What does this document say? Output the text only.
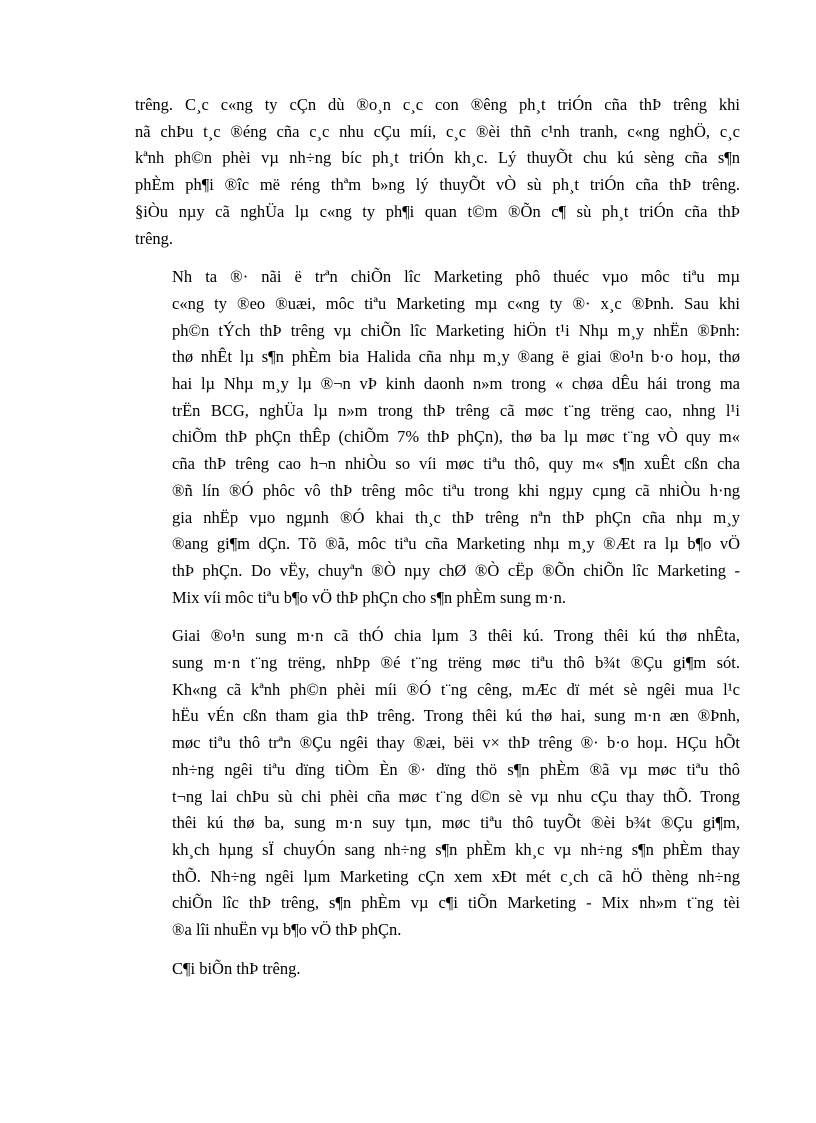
trêng. C¸c c«ng ty cÇn dù ®o¸n c¸c con ®êng ph¸t triÓn cña thÞ trêng khi
nã chÞu t¸c ®éng cña c¸c nhu cÇu míi, c¸c ®èi thñ c¹nh tranh, c«ng nghÖ, c¸c
kªnh ph©n phèi vµ nh÷ng bíc ph¸t triÓn kh¸c. Lý thuyÕt chu kú sèng cña s¶n
phÈm ph¶i ®îc më réng thªm b»ng lý thuyÕt vÒ sù ph¸t triÓn cña thÞ trêng.
§iÒu nµy cã nghÜa lµ c«ng ty ph¶i quan t©m ®Õn c¶ sù ph¸t triÓn cña thÞ
trêng.
Nh ta ®· nãi ë trªn chiÕn lîc Marketing phô thuéc vµo môc tiªu mµ
c«ng ty ®eo ®uæi, môc tiªu Marketing mµ c«ng ty ®· x¸c ®Þnh. Sau khi
ph©n tÝch thÞ trêng vµ chiÕn lîc Marketing hiÖn t¹i Nhµ m¸y nhËn ®Þnh:
thø nhÊt lµ s¶n phÈm bia Halida cña nhµ m¸y ®ang ë giai ®o¹n b·o hoµ, thø
hai lµ Nhµ m¸y lµ ®¬n vÞ kinh daonh n»m trong « chøa dÊu hái trong ma
trËn BCG, nghÜa lµ n»m trong thÞ trêng cã møc t¨ng trëng cao, nhng l¹i
chiÕm thÞ phÇn thÊp (chiÕm 7% thÞ phÇn), thø ba lµ møc t¨ng vÒ quy m«
cña thÞ trêng cao h¬n nhiÒu so víi møc tiªu thô, quy m« s¶n xuÊt cßn cha
®ñ lín ®Ó phôc vô thÞ trêng môc tiªu trong khi ngµy cµng cã nhiÒu h·ng
gia nhËp vµo ngµnh ®Ó khai th¸c thÞ trêng nªn thÞ phÇn cña nhµ m¸y
®ang gi¶m dÇn. Tõ ®ã, môc tiªu cña Marketing nhµ m¸y ®Æt ra lµ b¶o vÖ
thÞ phÇn. Do vËy, chuyªn ®Ò nµy chØ ®Ò cËp ®Õn chiÕn lîc Marketing -
Mix víi môc tiªu b¶o vÖ thÞ phÇn cho s¶n phÈm sung m·n.
Giai ®o¹n sung m·n cã thÓ chia lµm 3 thêi kú. Trong thêi kú thø nhÊta,
sung m·n t¨ng trëng, nhÞp ®é t¨ng trëng møc tiªu thô b¾t ®Çu gi¶m sót.
Kh«ng cã kªnh ph©n phèi míi ®Ó t¨ng cêng, mÆc dï mét sè ngêi mua l¹c
hËu vÉn cßn tham gia thÞ trêng. Trong thêi kú thø hai, sung m·n æn ®Þnh,
møc tiªu thô trªn ®Çu ngêi thay ®æi, bëi v× thÞ trêng ®· b·o hoµ. HÇu hÕt
nh÷ng ngêi tiªu dïng tiÒm Èn ®· dïng thö s¶n phÈm ®ã vµ møc tiªu thô
t¬ng lai chÞu sù chi phèi cña møc t¨ng d©n sè vµ nhu cÇu thay thÕ. Trong
thêi kú thø ba, sung m·n suy tµn, møc tiªu thô tuyÕt ®èi b¾t ®Çu gi¶m,
kh¸ch hµng sÏ chuyÓn sang nh÷ng s¶n phÈm kh¸c vµ nh÷ng s¶n phÈm thay
thÕ. Nh÷ng ngêi lµm Marketing cÇn xem xÐt mét c¸ch cã hÖ thèng nh÷ng
chiÕn lîc thÞ trêng, s¶n phÈm vµ c¶i tiÕn Marketing - Mix nh»m t¨ng tèi
®a lîi nhuËn vµ b¶o vÖ thÞ phÇn.
C¶i biÕn thÞ trêng.
